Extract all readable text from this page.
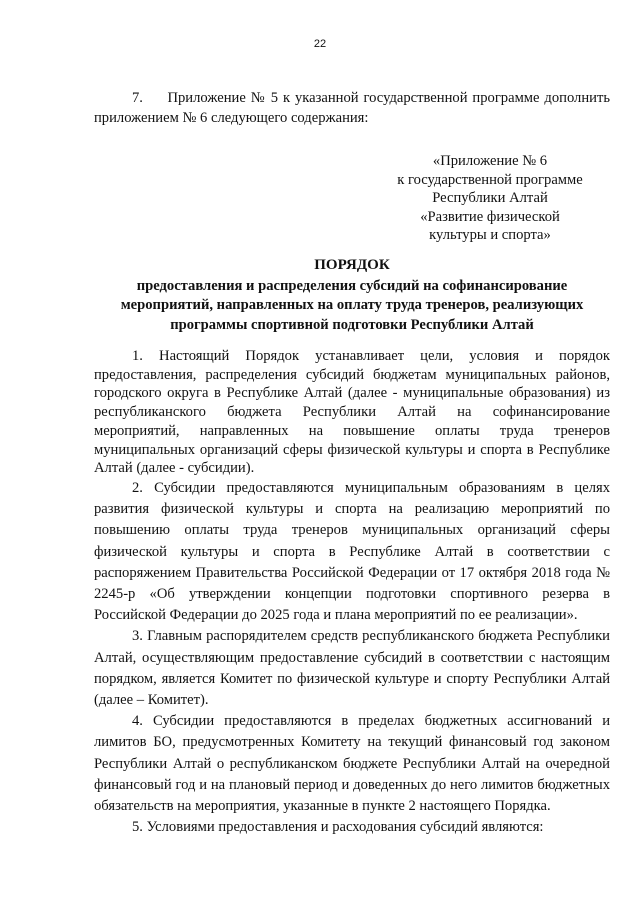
22

7.     Приложение № 5 к указанной государственной программе дополнить приложением № 6 следующего содержания:

«Приложение № 6
к государственной программе
Республики Алтай
«Развитие физической
культуры и спорта»
ПОРЯДОК
предоставления и распределения субсидий на софинансирование
мероприятий, направленных на оплату труда тренеров, реализующих
программы спортивной подготовки Республики Алтай

1. Настоящий Порядок устанавливает цели, условия и порядок предоставления, распределения субсидий бюджетам муниципальных районов, городского округа в Республике Алтай (далее - муниципальные образования) из республиканского бюджета Республики Алтай на софинансирование мероприятий, направленных на повышение оплаты труда тренеров муниципальных организаций сферы физической культуры и спорта в Республике Алтай (далее - субсидии).

2. Субсидии предоставляются муниципальным образованиям в целях развития физической культуры и спорта на реализацию мероприятий по повышению оплаты труда тренеров муниципальных организаций сферы физической культуры и спорта в Республике Алтай в соответствии с распоряжением Правительства Российской Федерации от 17 октября 2018 года № 2245-р «Об утверждении концепции подготовки спортивного резерва в Российской Федерации до 2025 года и плана мероприятий по ее реализации».

3. Главным распорядителем средств республиканского бюджета Республики Алтай, осуществляющим предоставление субсидий в соответствии с настоящим порядком, является Комитет по физической культуре и спорту Республики Алтай (далее – Комитет).

4. Субсидии предоставляются в пределах бюджетных ассигнований и лимитов БО, предусмотренных Комитету на текущий финансовый год законом Республики Алтай о республиканском бюджете Республики Алтай на очередной финансовый год и на плановый период и доведенных до него лимитов бюджетных обязательств на мероприятия, указанные в пункте 2 настоящего Порядка.

5. Условиями предоставления и расходования субсидий являются:
